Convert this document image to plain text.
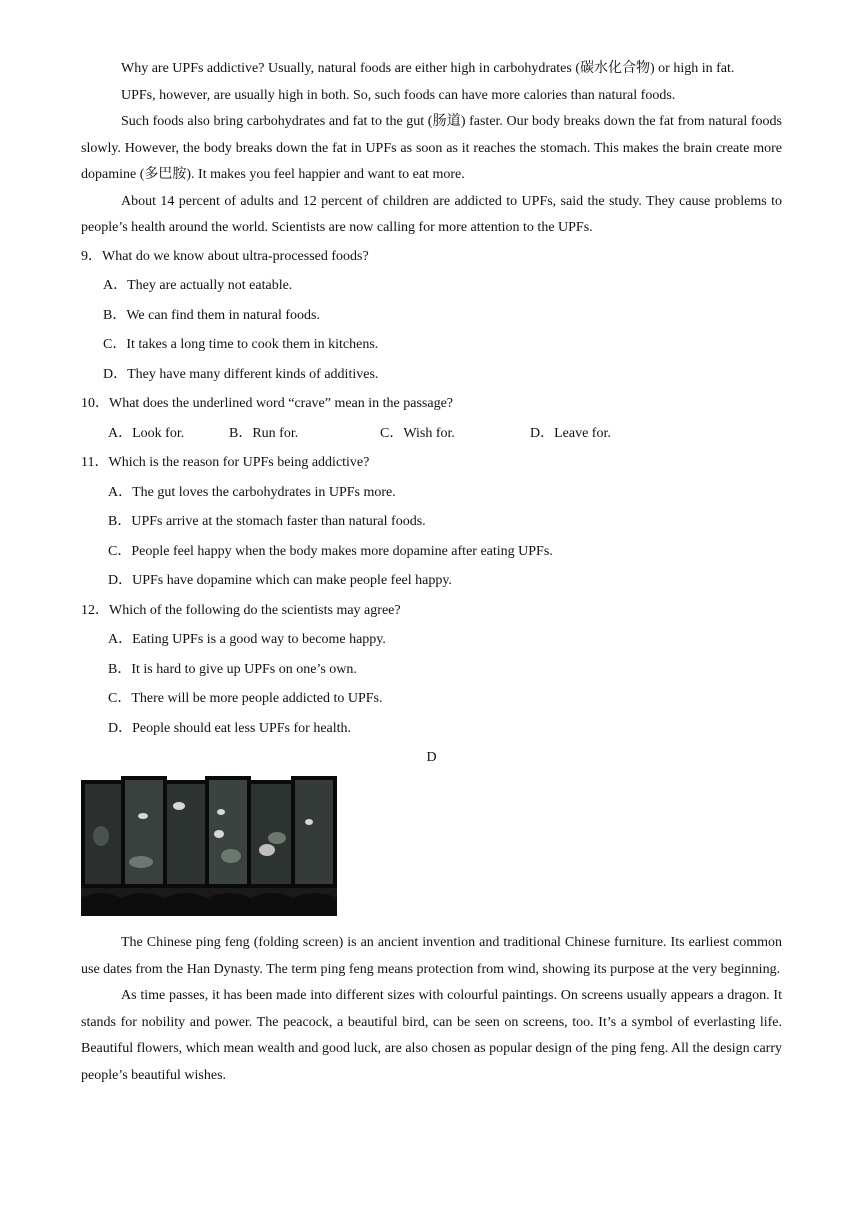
Why are UPFs addictive? Usually, natural foods are either high in carbohydrates (碳水化合物) or high in fat.

UPFs, however, are usually high in both. So, such foods can have more calories than natural foods.

Such foods also bring carbohydrates and fat to the gut (肠道) faster. Our body breaks down the fat from natural foods slowly. However, the body breaks down the fat in UPFs as soon as it reaches the stomach. This makes the brain create more dopamine (多巴胺). It makes you feel happier and want to eat more.

About 14 percent of adults and 12 percent of children are addicted to UPFs, said the study. They cause problems to people’s health around the world. Scientists are now calling for more attention to the UPFs.

9．What do we know about ultra-processed foods?

A．They are actually not eatable.

B．We can find them in natural foods.

C．It takes a long time to cook them in kitchens.

D．They have many different kinds of additives.

10．What does the underlined word “crave” mean in the passage?

A．Look for.	B．Run for.	C．Wish for.	D．Leave for.

11．Which is the reason for UPFs being addictive?

A．The gut loves the carbohydrates in UPFs more.

B．UPFs arrive at the stomach faster than natural foods.

C．People feel happy when the body makes more dopamine after eating UPFs.

D．UPFs have dopamine which can make people feel happy.

12．Which of the following do the scientists may agree?

A．Eating UPFs is a good way to become happy.

B．It is hard to give up UPFs on one’s own.

C．There will be more people addicted to UPFs.

D．People should eat less UPFs for health.

D

The Chinese ping feng (folding screen) is an ancient invention and traditional Chinese furniture. Its earliest common use dates from the Han Dynasty. The term ping feng means protection from wind, showing its purpose at the very beginning.

As time passes, it has been made into different sizes with colourful paintings. On screens usually appears a dragon. It stands for nobility and power. The peacock, a beautiful bird, can be seen on screens, too. It’s a symbol of everlasting life. Beautiful flowers, which mean wealth and good luck, are also chosen as popular design of the ping feng. All the design carry people’s beautiful wishes.
